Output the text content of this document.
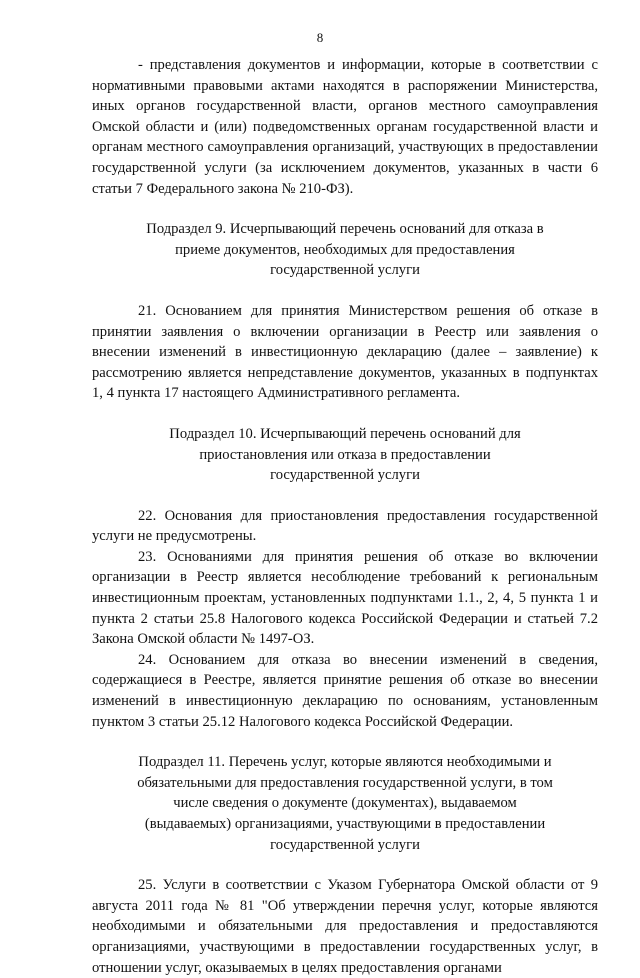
8

- представления документов и информации, которые в соответствии с нормативными правовыми актами находятся в распоряжении Министерства, иных органов государственной власти, органов местного самоуправления Омской области и (или) подведомственных органам государственной власти и органам местного самоуправления организаций, участвующих в предоставлении государственной услуги (за исключением документов, указанных в части 6 статьи 7 Федерального закона № 210-ФЗ).

Подраздел 9. Исчерпывающий перечень оснований для отказа в приеме документов, необходимых для предоставления государственной услуги

21. Основанием для принятия Министерством решения об отказе в принятии заявления о включении организации в Реестр или заявления о внесении изменений в инвестиционную декларацию (далее – заявление) к рассмотрению является непредставление документов, указанных в подпунктах 1, 4 пункта 17 настоящего Административного регламента.

Подраздел 10. Исчерпывающий перечень оснований для приостановления или отказа в предоставлении государственной услуги

22. Основания для приостановления предоставления государственной услуги не предусмотрены.

23. Основаниями для принятия решения об отказе во включении организации в Реестр является несоблюдение требований к региональным инвестиционным проектам, установленных подпунктами 1.1., 2, 4, 5 пункта 1 и пункта 2 статьи 25.8 Налогового кодекса Российской Федерации и статьей 7.2 Закона Омской области № 1497-ОЗ.

24. Основанием для отказа во внесении изменений в сведения, содержащиеся в Реестре, является принятие решения об отказе во внесении изменений в инвестиционную декларацию по основаниям, установленным пунктом 3 статьи 25.12 Налогового кодекса Российской Федерации.

Подраздел 11. Перечень услуг, которые являются необходимыми и обязательными для предоставления государственной услуги, в том числе сведения о документе (документах), выдаваемом (выдаваемых) организациями, участвующими в предоставлении государственной услуги

25. Услуги в соответствии с Указом Губернатора Омской области от 9 августа 2011 года № 81 "Об утверждении перечня услуг, которые являются необходимыми и обязательными для предоставления и предоставляются организациями, участвующими в предоставлении государственных услуг, в отношении услуг, оказываемых в целях предоставления органами
